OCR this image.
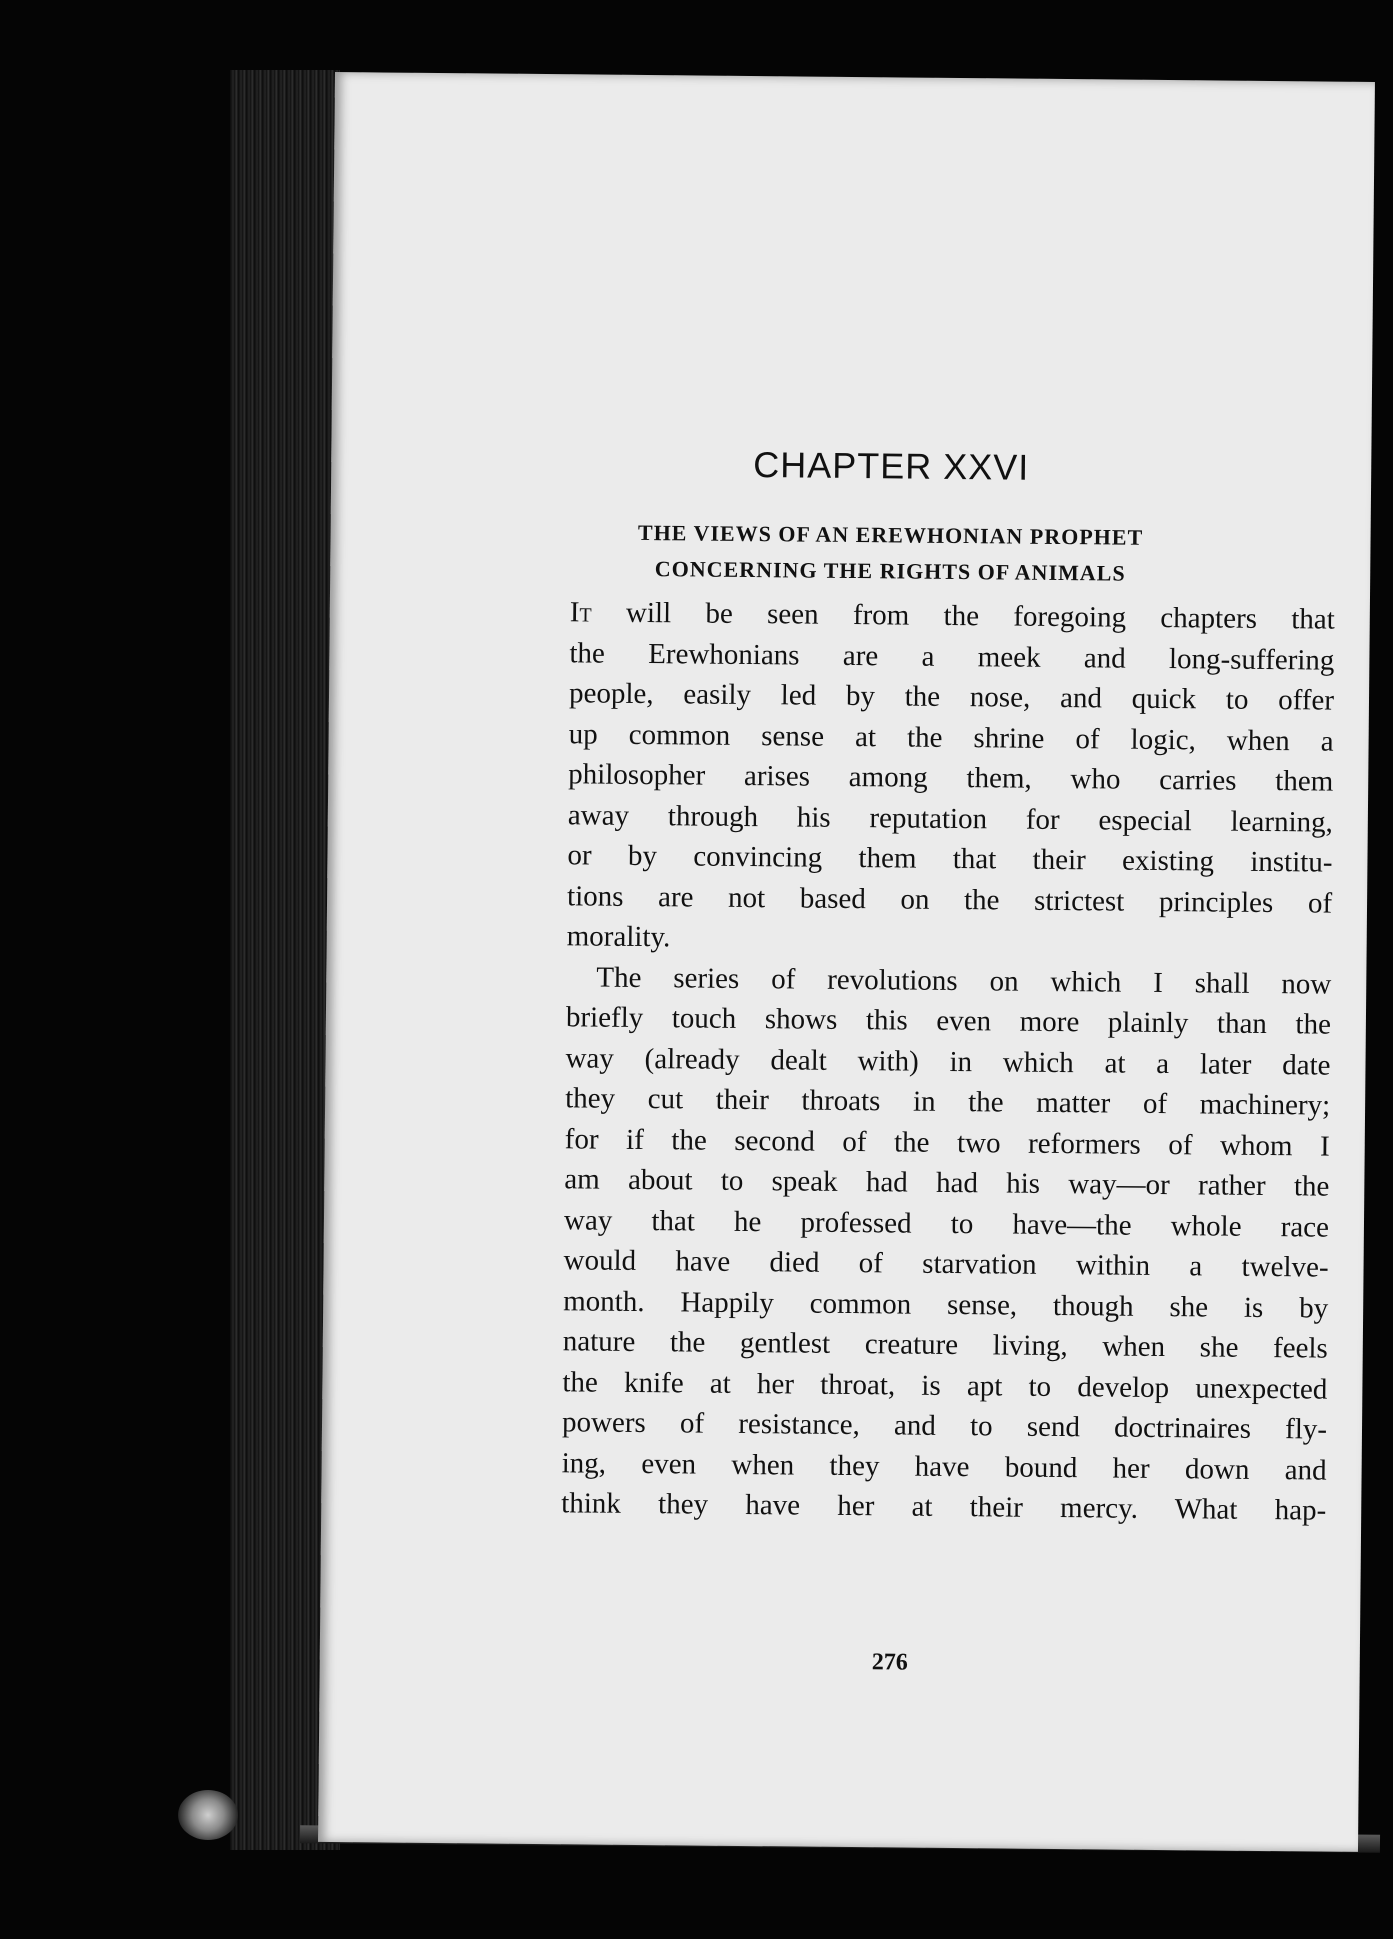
CHAPTER XXVI
THE VIEWS OF AN EREWHONIAN PROPHET
CONCERNING THE RIGHTS OF ANIMALS
It will be seen from the foregoing chapters that
the Erewhonians are a meek and long-suffering
people, easily led by the nose, and quick to offer
up common sense at the shrine of logic, when a
philosopher arises among them, who carries them
away through his reputation for especial learning,
or by convincing them that their existing institu-
tions are not based on the strictest principles of
morality.
The series of revolutions on which I shall now
briefly touch shows this even more plainly than the
way (already dealt with) in which at a later date
they cut their throats in the matter of machinery;
for if the second of the two reformers of whom I
am about to speak had had his way—or rather the
way that he professed to have—the whole race
would have died of starvation within a twelve-
month. Happily common sense, though she is by
nature the gentlest creature living, when she feels
the knife at her throat, is apt to develop unexpected
powers of resistance, and to send doctrinaires fly-
ing, even when they have bound her down and
think they have her at their mercy. What hap-
276
